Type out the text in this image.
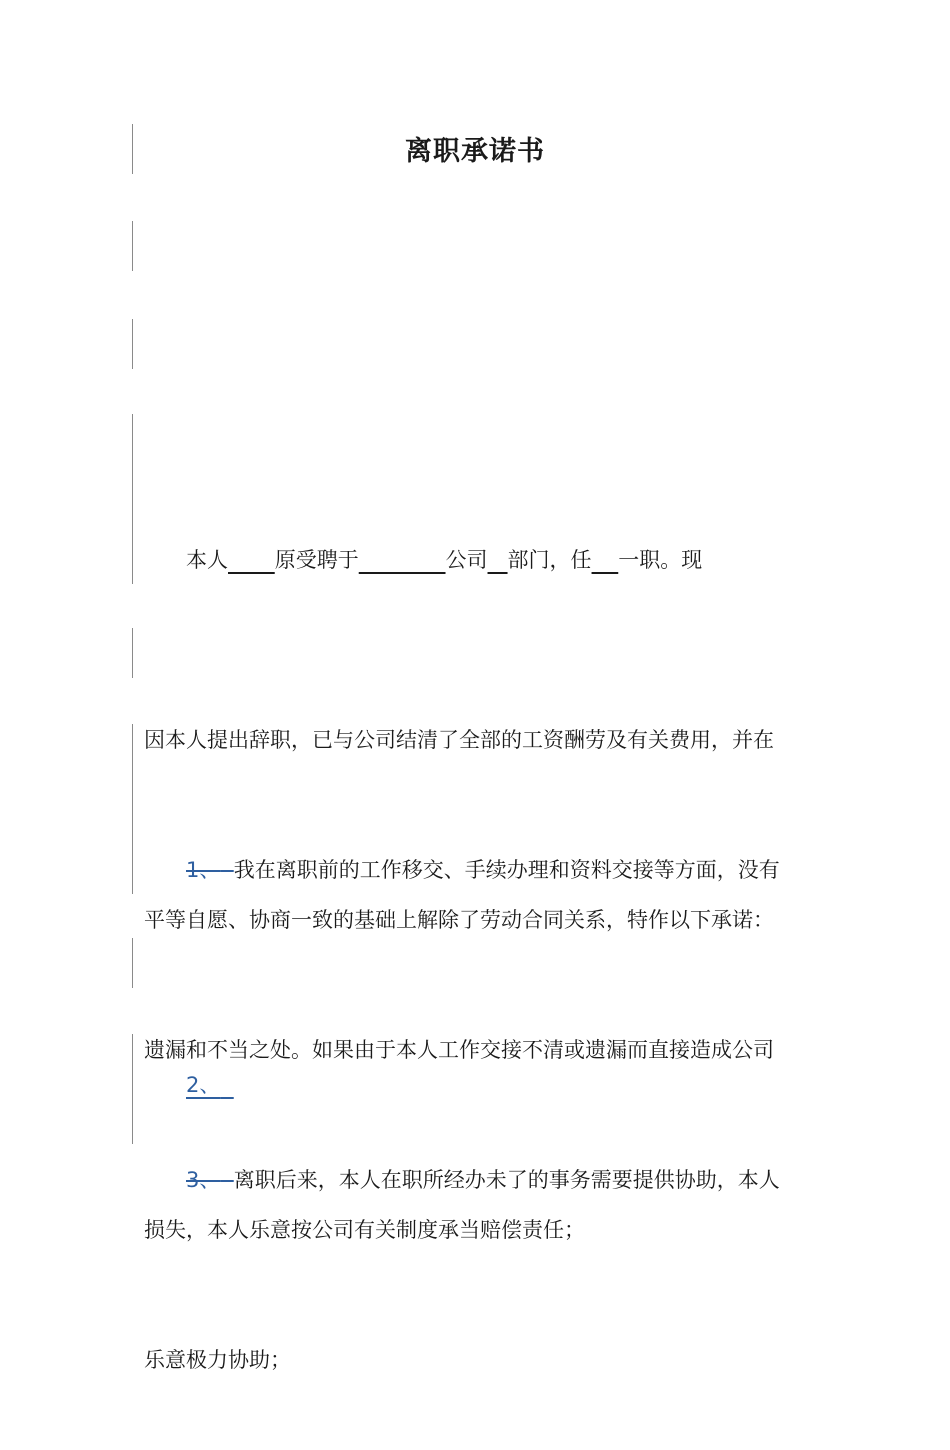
离职承诺书

本人 原受聘于	公司 部门，任 一职。现

因本人提出辞职，已与公司结清了全部的工资酬劳及有关费用，并在

平等自愿、协商一致的基础上解除了劳动合同关系，特作以下承诺：

1、 我在离职前的工作移交、手续办理和资料交接等方面，没有

遗漏和不当之处。如果由于本人工作交接不清或遗漏而直接造成公司

损失，本人乐意按公司有关制度承当赔偿责任；

2、

3、 离职后来，本人在职所经办未了的事务需要提供协助，本人

乐意极力协助；
